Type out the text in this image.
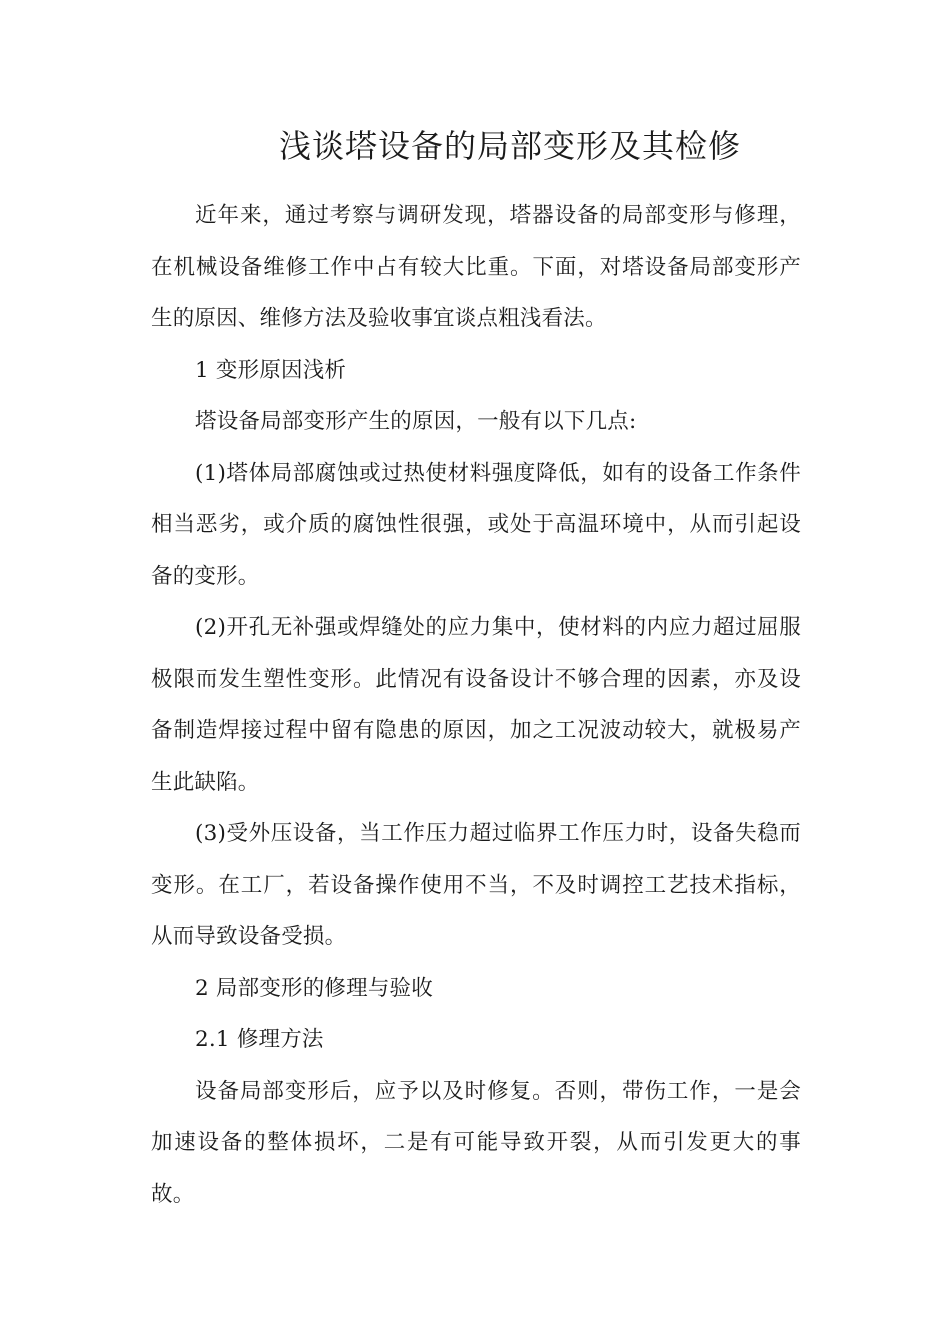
浅谈塔设备的局部变形及其检修

近年来，通过考察与调研发现，塔器设备的局部变形与修理，在机械设备维修工作中占有较大比重。下面，对塔设备局部变形产生的原因、维修方法及验收事宜谈点粗浅看法。

1 变形原因浅析

塔设备局部变形产生的原因，一般有以下几点:

(1)塔体局部腐蚀或过热使材料强度降低，如有的设备工作条件相当恶劣，或介质的腐蚀性很强，或处于高温环境中，从而引起设备的变形。

(2)开孔无补强或焊缝处的应力集中，使材料的内应力超过屈服极限而发生塑性变形。此情况有设备设计不够合理的因素，亦及设备制造焊接过程中留有隐患的原因，加之工况波动较大，就极易产生此缺陷。

(3)受外压设备，当工作压力超过临界工作压力时，设备失稳而变形。在工厂，若设备操作使用不当，不及时调控工艺技术指标，从而导致设备受损。

2 局部变形的修理与验收

2.1 修理方法

设备局部变形后，应予以及时修复。否则，带伤工作，一是会加速设备的整体损坏，二是有可能导致开裂，从而引发更大的事故。
